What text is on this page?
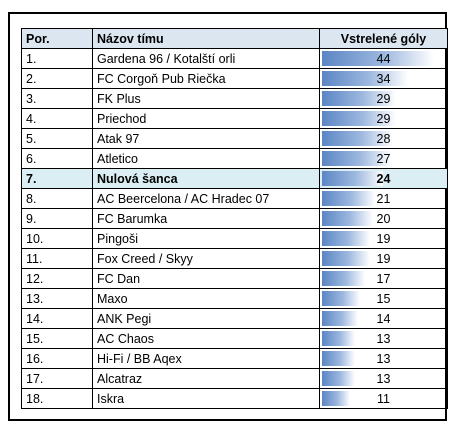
Por.	Názov tímu	Vstrelené góly
1.	Gardena 96 / Kotalští orli	44
2.	FC Corgoň Pub Riečka	34
3.	FK Plus	29
4.	Priechod	29
5.	Atak 97	28
6.	Atletico	27
7.	Nulová šanca	24
8.	AC Beercelona / AC Hradec 07	21
9.	FC Barumka	20
10.	Pingoši	19
11.	Fox Creed / Skyy	19
12.	FC Dan	17
13.	Maxo	15
14.	ANK Pegi	14
15.	AC Chaos	13
16.	Hi-Fi / BB Aqex	13
17.	Alcatraz	13
18.	Iskra	11
